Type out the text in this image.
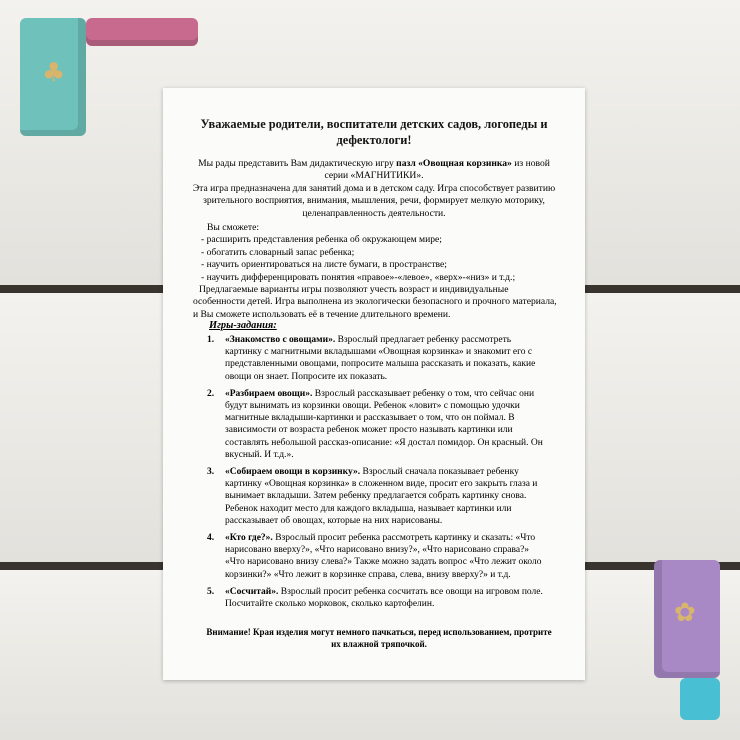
♣
✿
Уважаемые родители, воспитатели детских садов, логопеды и дефектологи!
Мы рады представить Вам дидактическую игру пазл «Овощная корзинка» из новой серии «МАГНИТИКИ».
Эта игра предназначена для занятий дома и в детском саду. Игра способствует развитию зрительного восприятия, внимания, мышления, речи, формирует мелкую моторику, целенаправленность деятельности.
Вы сможете:
- расширить представления ребенка об окружающем мире;
- обогатить словарный запас ребенка;
- научить ориентироваться на листе бумаги, в пространстве;
- научить дифференцировать понятия «правое»-«левое», «верх»-«низ» и т.д.;
Предлагаемые варианты игры позволяют учесть возраст и индивидуальные особенности детей. Игра выполнена из экологически безопасного и прочного материала, и Вы сможете использовать её в течение длительного времени.
Игры-задания:
1. «Знакомство с овощами». Взрослый предлагает ребенку рассмотреть картинку с магнитными вкладышами «Овощная корзинка» и знакомит его с представленными овощами, попросите малыша рассказать и показать, какие овощи он знает. Попросите их показать.
2. «Разбираем овощи». Взрослый рассказывает ребенку о том, что сейчас они будут вынимать из корзинки овощи. Ребенок «ловит» с помощью удочки магнитные вкладыши-картинки и рассказывает о том, что он поймал. В зависимости от возраста ребенок может просто называть картинки или составлять небольшой рассказ-описание: «Я достал помидор. Он красный. Он вкусный. И т.д.».
3. «Собираем овощи в корзинку». Взрослый сначала показывает ребенку картинку «Овощная корзинка» в сложенном виде, просит его закрыть глаза и вынимает вкладыши. Затем ребенку предлагается собрать картинку снова. Ребенок находит место для каждого вкладыша, называет картинки или рассказывает об овощах, которые на них нарисованы.
4. «Кто где?». Взрослый просит ребенка рассмотреть картинку и сказать: «Что нарисовано вверху?», «Что нарисовано внизу?», «Что нарисовано справа?» «Что нарисовано внизу слева?» Также можно задать вопрос «Что лежит около корзинки?» «Что лежит в корзинке справа, слева, внизу вверху?» и т.д.
5. «Сосчитай». Взрослый просит ребенка сосчитать все овощи на игровом поле. Посчитайте сколько морковок, сколько картофелин.
Внимание! Края изделия могут немного пачкаться, перед использованием, протрите их влажной тряпочкой.
